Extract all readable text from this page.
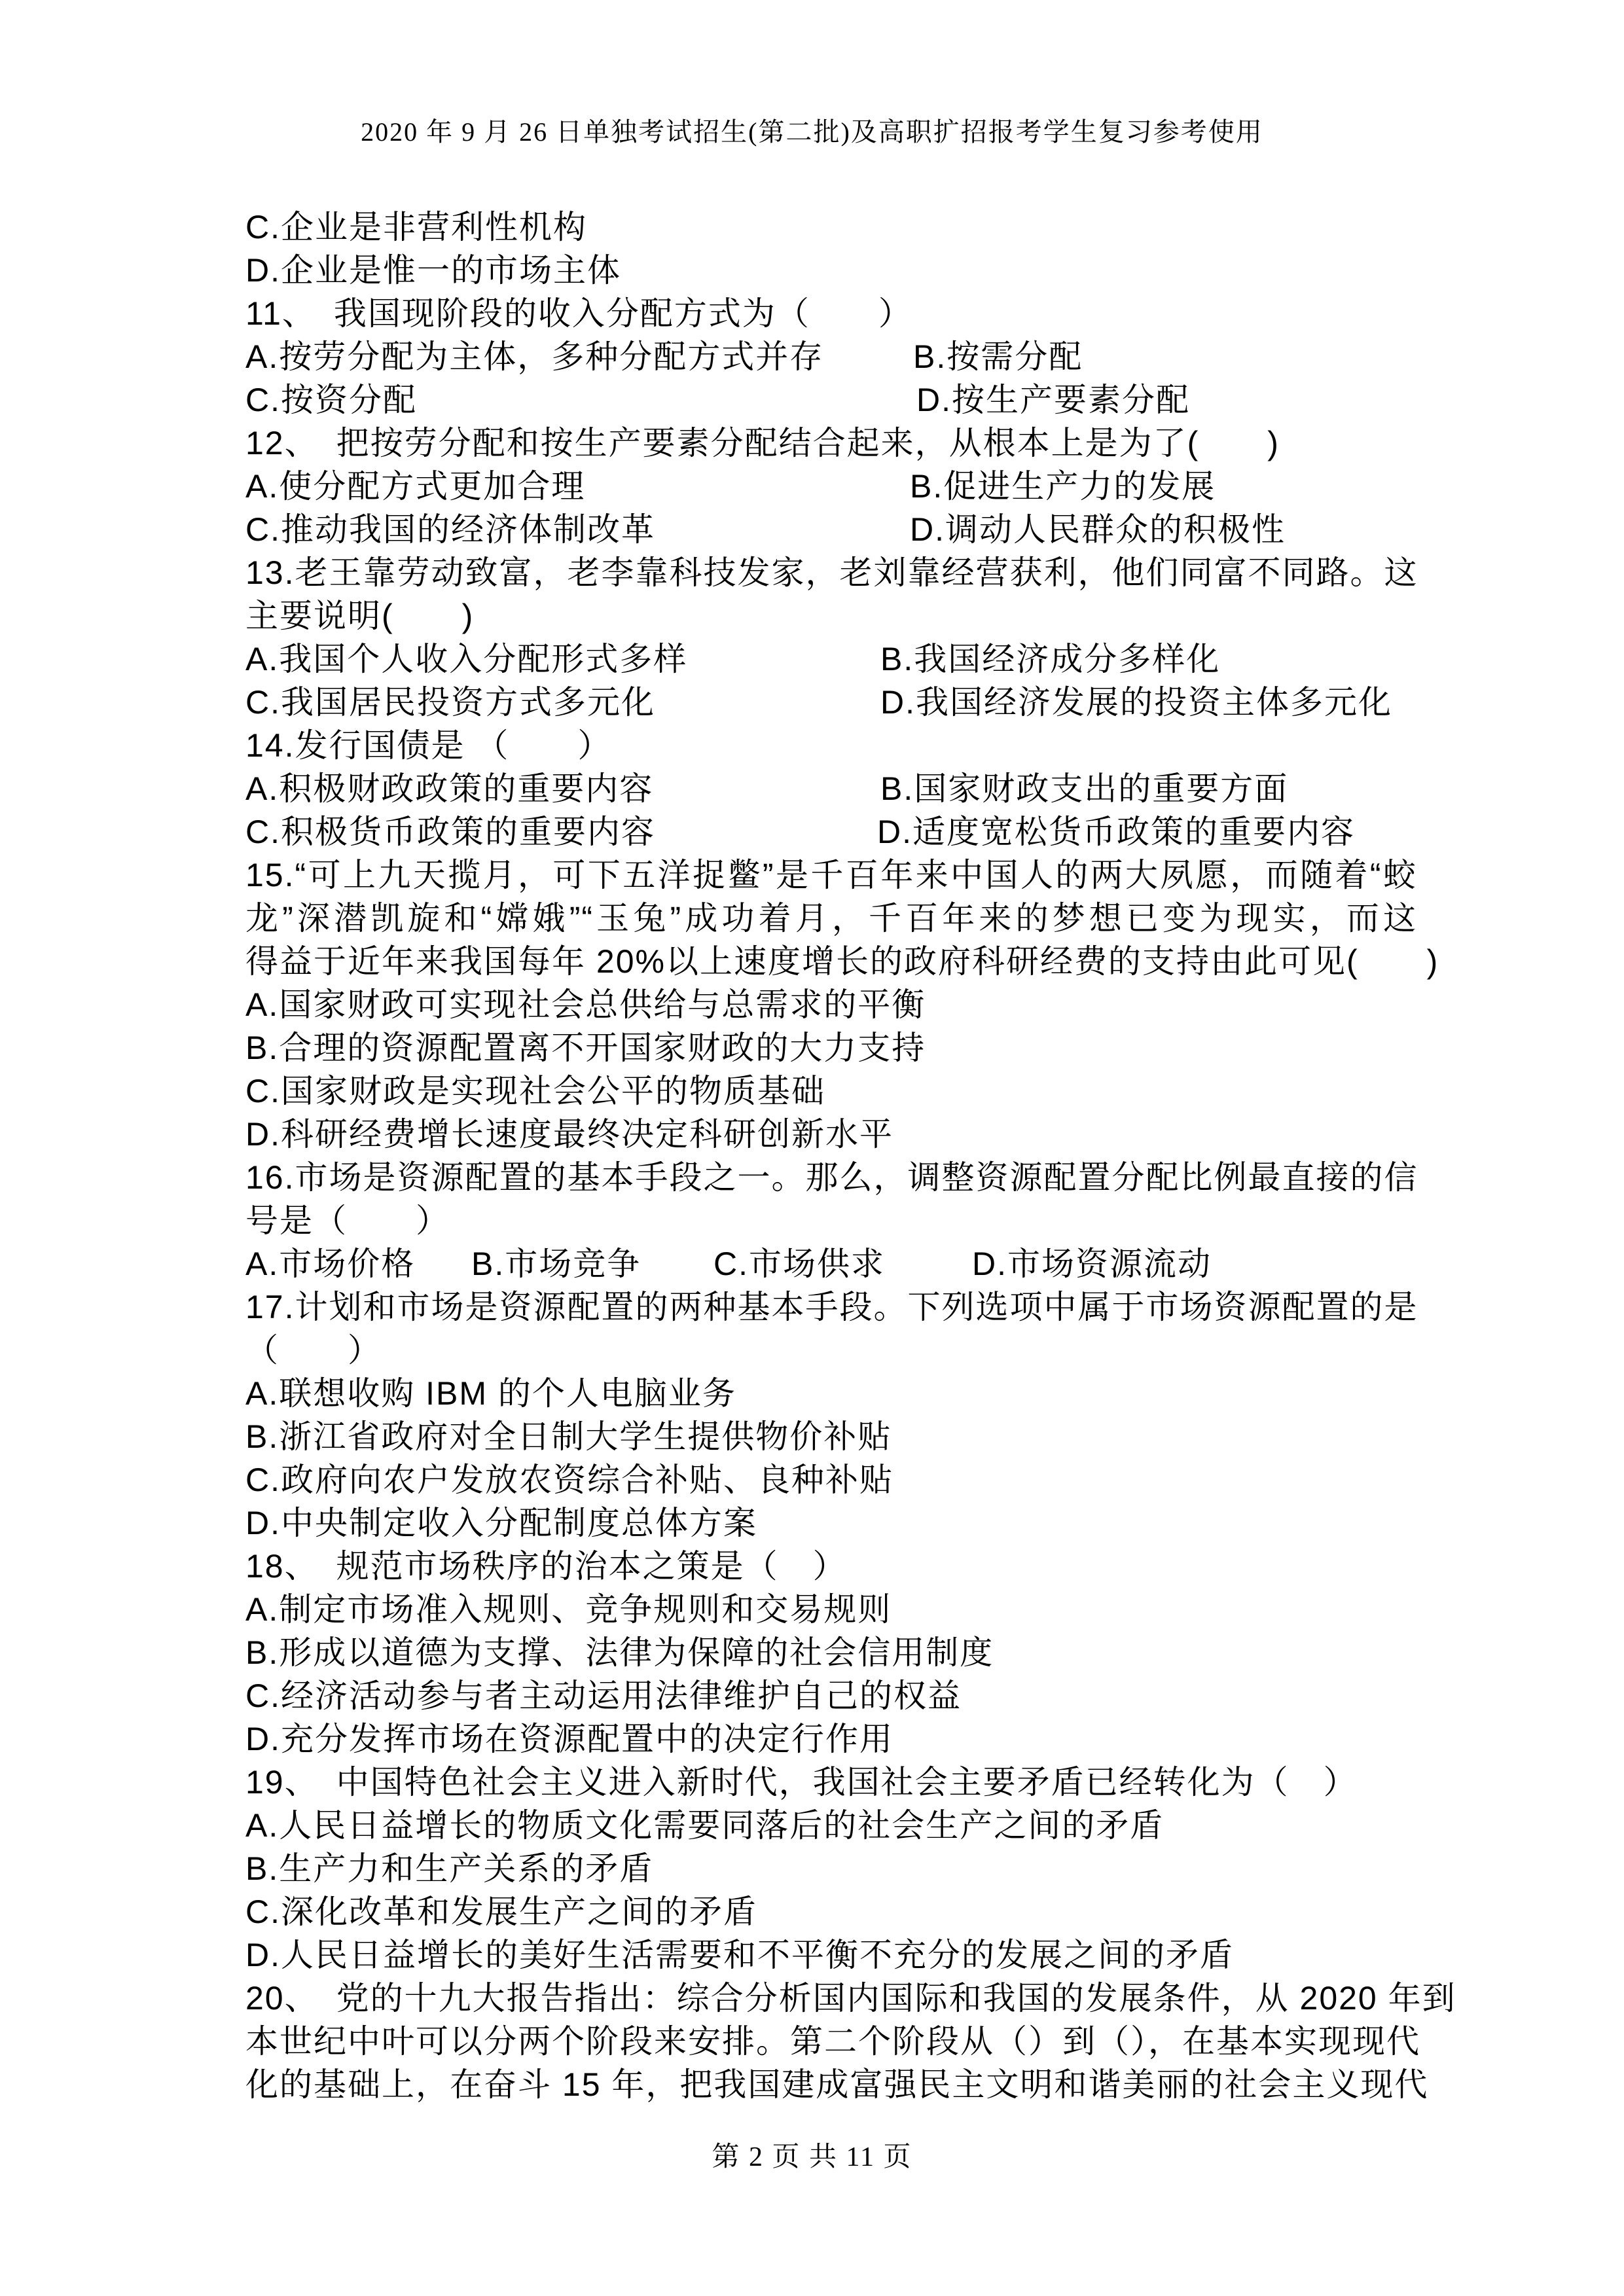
2020 年 9 月 26 日单独考试招生(第二批)及高职扩招报考学生复习参考使用
C.企业是非营利性机构
D.企业是惟一的市场主体
11、　我国现阶段的收入分配方式为（　　）
A.按劳分配为主体，多种分配方式并存	B.按需分配
C.按资分配	D.按生产要素分配
12、　把按劳分配和按生产要素分配结合起来，从根本上是为了(　　)
A.使分配方式更加合理	B.促进生产力的发展
C.推动我国的经济体制改革	D.调动人民群众的积极性
13.老王靠劳动致富，老李靠科技发家，老刘靠经营获利，他们同富不同路。这
主要说明(　　)
A.我国个人收入分配形式多样	B.我国经济成分多样化
C.我国居民投资方式多元化	D.我国经济发展的投资主体多元化
14.发行国债是 （　　）
A.积极财政政策的重要内容	B.国家财政支出的重要方面
C.积极货币政策的重要内容	D.适度宽松货币政策的重要内容
15.“可上九天揽月，可下五洋捉鳖”是千百年来中国人的两大夙愿，而随着“蛟
龙”深潜凯旋和“嫦娥”“玉兔”成功着月，千百年来的梦想已变为现实，而这
得益于近年来我国每年 20%以上速度增长的政府科研经费的支持由此可见(　　)
A.国家财政可实现社会总供给与总需求的平衡
B.合理的资源配置离不开国家财政的大力支持
C.国家财政是实现社会公平的物质基础
D.科研经费增长速度最终决定科研创新水平
16.市场是资源配置的基本手段之一。那么，调整资源配置分配比例最直接的信
号是（　　）
A.市场价格 B.市场竞争 C.市场供求	D.市场资源流动
17.计划和市场是资源配置的两种基本手段。下列选项中属于市场资源配置的是
（　　）
A.联想收购 IBM 的个人电脑业务
B.浙江省政府对全日制大学生提供物价补贴
C.政府向农户发放农资综合补贴、良种补贴
D.中央制定收入分配制度总体方案
18、　规范市场秩序的治本之策是（　）
A.制定市场准入规则、竞争规则和交易规则
B.形成以道德为支撑、法律为保障的社会信用制度
C.经济活动参与者主动运用法律维护自己的权益
D.充分发挥市场在资源配置中的决定行作用
19、　中国特色社会主义进入新时代，我国社会主要矛盾已经转化为（　）
A.人民日益增长的物质文化需要同落后的社会生产之间的矛盾
B.生产力和生产关系的矛盾
C.深化改革和发展生产之间的矛盾
D.人民日益增长的美好生活需要和不平衡不充分的发展之间的矛盾
20、　党的十九大报告指出：综合分析国内国际和我国的发展条件，从 2020 年到
本世纪中叶可以分两个阶段来安排。第二个阶段从（）到（），在基本实现现代
化的基础上，在奋斗 15 年，把我国建成富强民主文明和谐美丽的社会主义现代
第 2 页 共 11 页
